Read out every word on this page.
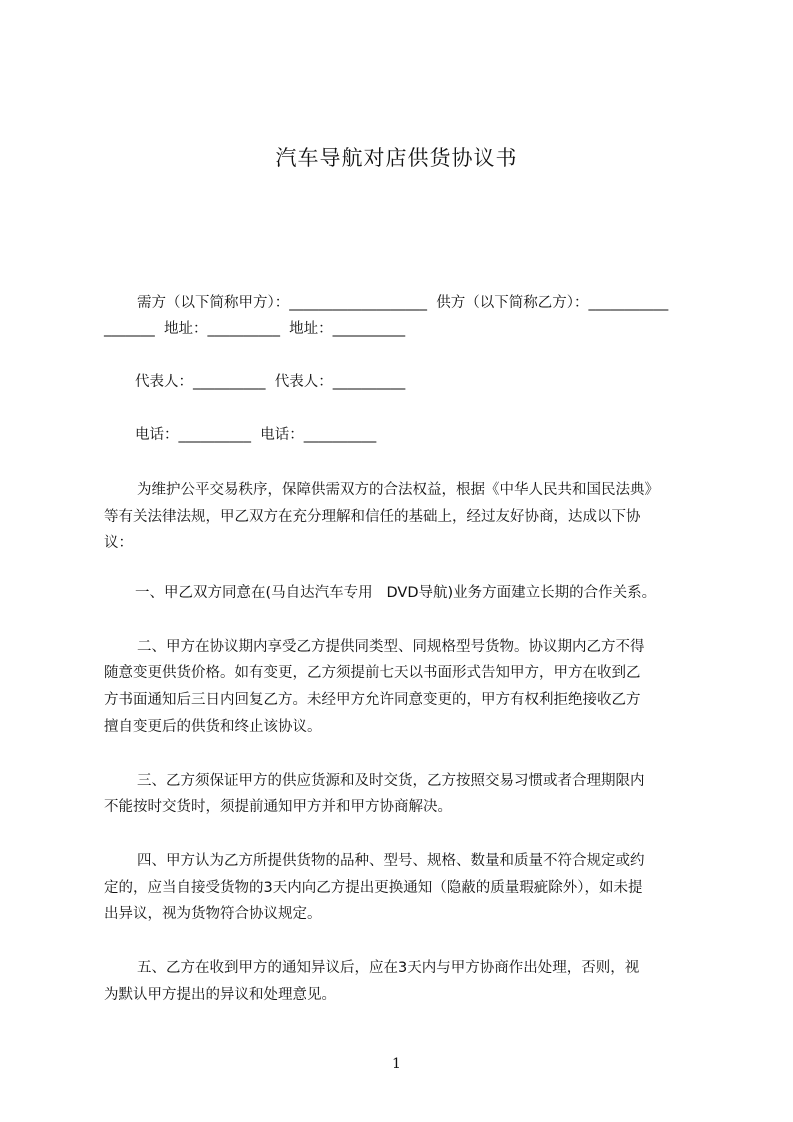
汽车导航对店供货协议书
需方（以下简称甲方）：___________________  供方（以下简称乙方）：___________
_______  地址：__________  地址：__________
代表人：__________  代表人：__________
电话：__________  电话：__________
为维护公平交易秩序，保障供需双方的合法权益，根据《中华人民共和国民法典》
等有关法律法规，甲乙双方在充分理解和信任的基础上，经过友好协商，达成以下协
议：
一、甲乙双方同意在(马自达汽车专用   DVD导航)业务方面建立长期的合作关系。
二、甲方在协议期内享受乙方提供同类型、同规格型号货物。协议期内乙方不得
随意变更供货价格。如有变更，乙方须提前七天以书面形式告知甲方，甲方在收到乙
方书面通知后三日内回复乙方。未经甲方允许同意变更的，甲方有权利拒绝接收乙方
擅自变更后的供货和终止该协议。
三、乙方须保证甲方的供应货源和及时交货，乙方按照交易习惯或者合理期限内
不能按时交货时，须提前通知甲方并和甲方协商解决。
四、甲方认为乙方所提供货物的品种、型号、规格、数量和质量不符合规定或约
定的，应当自接受货物的3天内向乙方提出更换通知（隐蔽的质量瑕疵除外），如未提
出异议，视为货物符合协议规定。
五、乙方在收到甲方的通知异议后，应在3天内与甲方协商作出处理，否则，视
为默认甲方提出的异议和处理意见。
1
